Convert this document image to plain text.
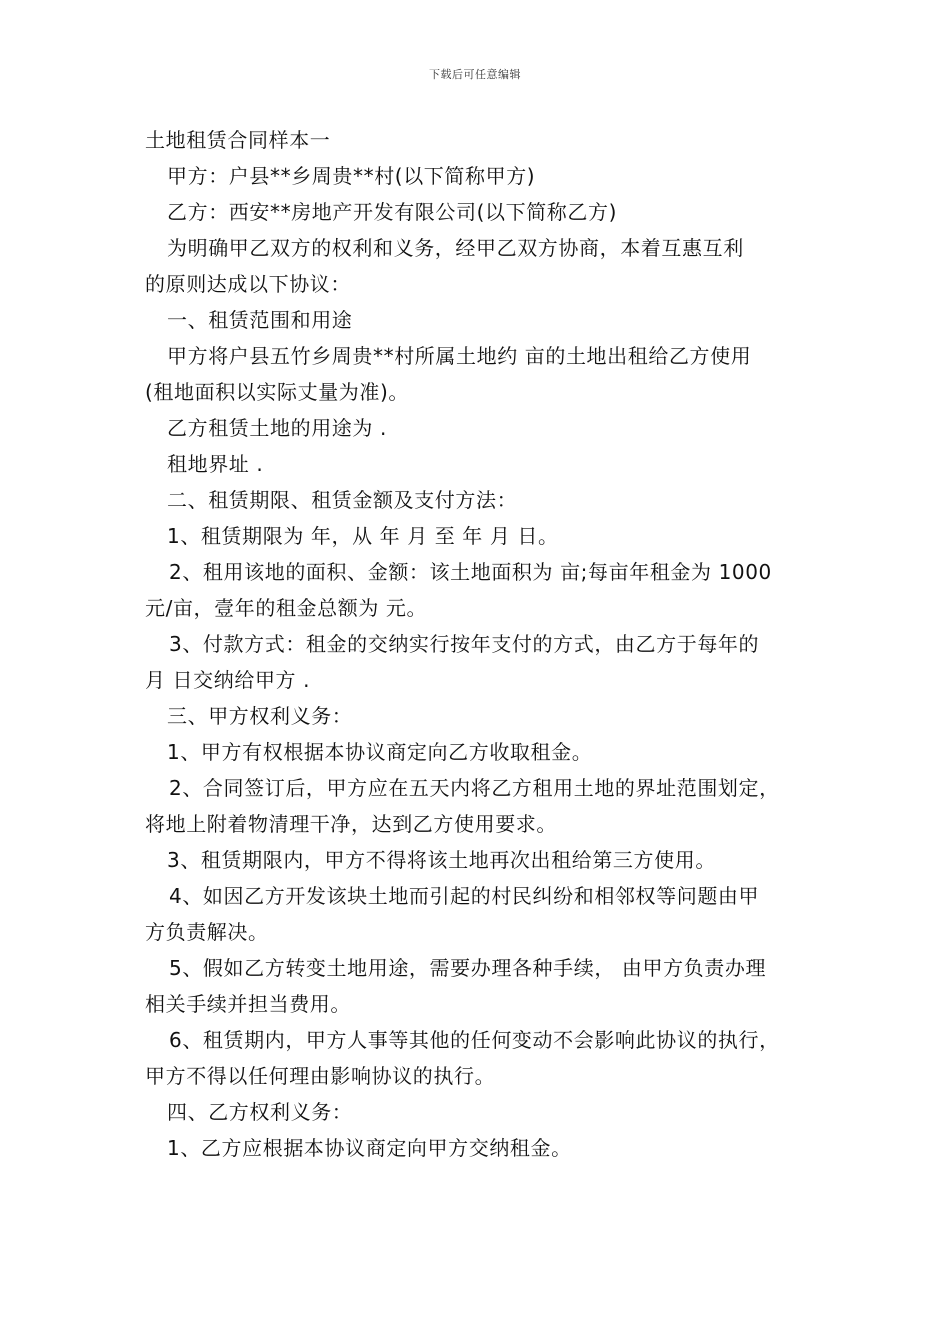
下载后可任意编辑
土地租赁合同样本一
甲方：户县**乡周贵**村(以下简称甲方)
乙方：西安**房地产开发有限公司(以下简称乙方)
为明确甲乙双方的权利和义务，经甲乙双方协商，本着互惠互利
的原则达成以下协议：
一、租赁范围和用途
甲方将户县五竹乡周贵**村所属土地约 亩的土地出租给乙方使用
(租地面积以实际丈量为准)。
乙方租赁土地的用途为 .
租地界址 .
二、租赁期限、租赁金额及支付方法：
1、租赁期限为 年，从 年 月 至 年 月 日。
2、租用该地的面积、金额：该土地面积为 亩;每亩年租金为 1000
元/亩，壹年的租金总额为 元。
3、付款方式：租金的交纳实行按年支付的方式，由乙方于每年的
月 日交纳给甲方 .
三、甲方权利义务：
1、甲方有权根据本协议商定向乙方收取租金。
2、合同签订后，甲方应在五天内将乙方租用土地的界址范围划定，
将地上附着物清理干净，达到乙方使用要求。
3、租赁期限内，甲方不得将该土地再次出租给第三方使用。
4、如因乙方开发该块土地而引起的村民纠纷和相邻权等问题由甲
方负责解决。
5、假如乙方转变土地用途，需要办理各种手续， 由甲方负责办理
相关手续并担当费用。
6、租赁期内，甲方人事等其他的任何变动不会影响此协议的执行，
甲方不得以任何理由影响协议的执行。
四、乙方权利义务：
1、乙方应根据本协议商定向甲方交纳租金。
